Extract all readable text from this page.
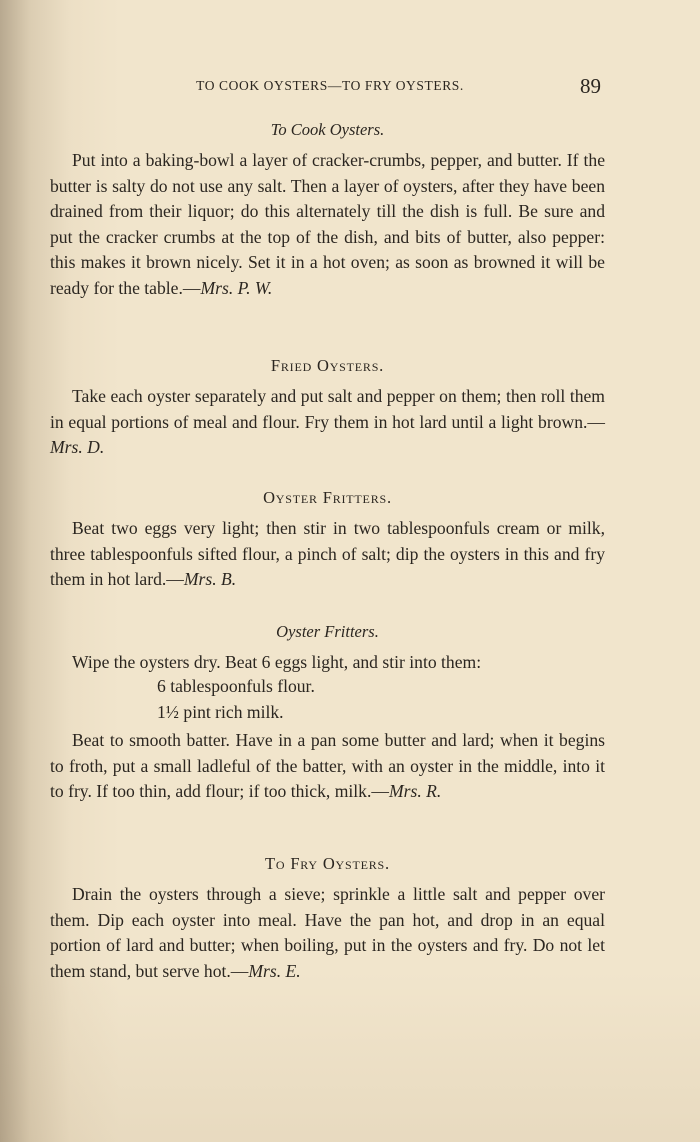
TO COOK OYSTERS—TO FRY OYSTERS.	89
To Cook Oysters.

Put into a baking-bowl a layer of cracker-crumbs, pepper, and butter. If the butter is salty do not use any salt. Then a layer of oysters, after they have been drained from their liquor; do this alternately till the dish is full. Be sure and put the cracker crumbs at the top of the dish, and bits of butter, also pepper: this makes it brown nicely. Set it in a hot oven; as soon as browned it will be ready for the table.—Mrs. P. W.

Fried Oysters.

Take each oyster separately and put salt and pepper on them; then roll them in equal portions of meal and flour. Fry them in hot lard until a light brown.—Mrs. D.

Oyster Fritters.

Beat two eggs very light; then stir in two tablespoonfuls cream or milk, three tablespoonfuls sifted flour, a pinch of salt; dip the oysters in this and fry them in hot lard.—Mrs. B.

Oyster Fritters.

Wipe the oysters dry. Beat 6 eggs light, and stir into them:

6 tablespoonfuls flour.
1½ pint rich milk.

Beat to smooth batter. Have in a pan some butter and lard; when it begins to froth, put a small ladleful of the batter, with an oyster in the middle, into it to fry. If too thin, add flour; if too thick, milk.—Mrs. R.

To Fry Oysters.

Drain the oysters through a sieve; sprinkle a little salt and pepper over them. Dip each oyster into meal. Have the pan hot, and drop in an equal portion of lard and butter; when boiling, put in the oysters and fry. Do not let them stand, but serve hot.—Mrs. E.
